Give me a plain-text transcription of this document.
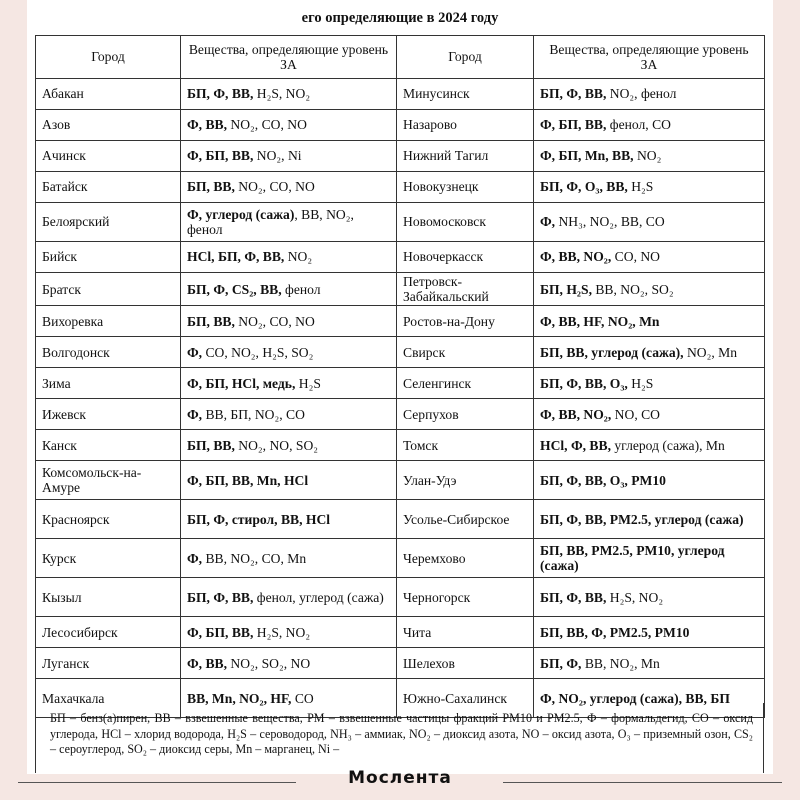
его определяющие в 2024 году
Город	Вещества, определяющие уровень ЗА	Город	Вещества, определяющие уровень ЗА
Абакан	БП, Ф, ВВ, H₂S, NO₂	Минусинск	БП, Ф, ВВ, NO₂, фенол
Азов	Ф, ВВ, NO₂, CO, NO	Назарово	Ф, БП, ВВ, фенол, CO
Ачинск	Ф, БП, ВВ, NO₂, Ni	Нижний Тагил	Ф, БП, Mn, ВВ, NO₂
Батайск	БП, ВВ, NO₂, CO, NO	Новокузнецк	БП, Ф, O₃, ВВ, H₂S
Белоярский	Ф, углерод (сажа), ВВ, NO₂, фенол	Новомосковск	Ф, NH₃, NO₂, ВВ, CO
Бийск	HCl, БП, Ф, ВВ, NO₂	Новочеркасск	Ф, ВВ, NO₂, CO, NO
Братск	БП, Ф, CS₂, ВВ, фенол	Петровск-Забайкальский	БП, H₂S, ВВ, NO₂, SO₂
Вихоревка	БП, ВВ, NO₂, CO, NO	Ростов-на-Дону	Ф, ВВ, HF, NO₂, Mn
Волгодонск	Ф, CO, NO₂, H₂S, SO₂	Свирск	БП, ВВ, углерод (сажа), NO₂, Mn
Зима	Ф, БП, HCl, медь, H₂S	Селенгинск	БП, Ф, ВВ, O₃, H₂S
Ижевск	Ф, ВВ, БП, NO₂, CO	Серпухов	Ф, ВВ, NO₂, NO, CO
Канск	БП, ВВ, NO₂, NO, SO₂	Томск	HCl, Ф, ВВ, углерод (сажа), Mn
Комсомольск-на-Амуре	Ф, БП, ВВ, Mn, HCl	Улан-Удэ	БП, Ф, ВВ, O₃, PM10
Красноярск	БП, Ф, стирол, ВВ, HCl	Усолье-Сибирское	БП, Ф, ВВ, PM2.5, углерод (сажа)
Курск	Ф, ВВ, NO₂, CO, Mn	Черемхово	БП, ВВ, PM2.5, PM10, углерод (сажа)
Кызыл	БП, Ф, ВВ, фенол, углерод (сажа)	Черногорск	БП, Ф, ВВ, H₂S, NO₂
Лесосибирск	Ф, БП, ВВ, H₂S, NO₂	Чита	БП, ВВ, Ф, PM2.5, PM10
Луганск	Ф, ВВ, NO₂, SO₂, NO	Шелехов	БП, Ф, ВВ, NO₂, Mn
Махачкала	ВВ, Mn, NO₂, HF, CO	Южно-Сахалинск	Ф, NO₂, углерод (сажа), ВВ, БП
БП – бенз(а)пирен, ВВ – взвешенные вещества, PM – взвешенные частицы фракций PM10 и PM2.5, Ф – формальдегид, CO – оксид углерода, HCl – хлорид водорода, H₂S – сероводород, NH₃ – аммиак, NO₂ – диоксид азота, NO – оксид азота, O₃ – приземный озон, CS₂ – сероуглерод, SO₂ – диоксид серы, Mn – марганец, Ni –
Мослента
